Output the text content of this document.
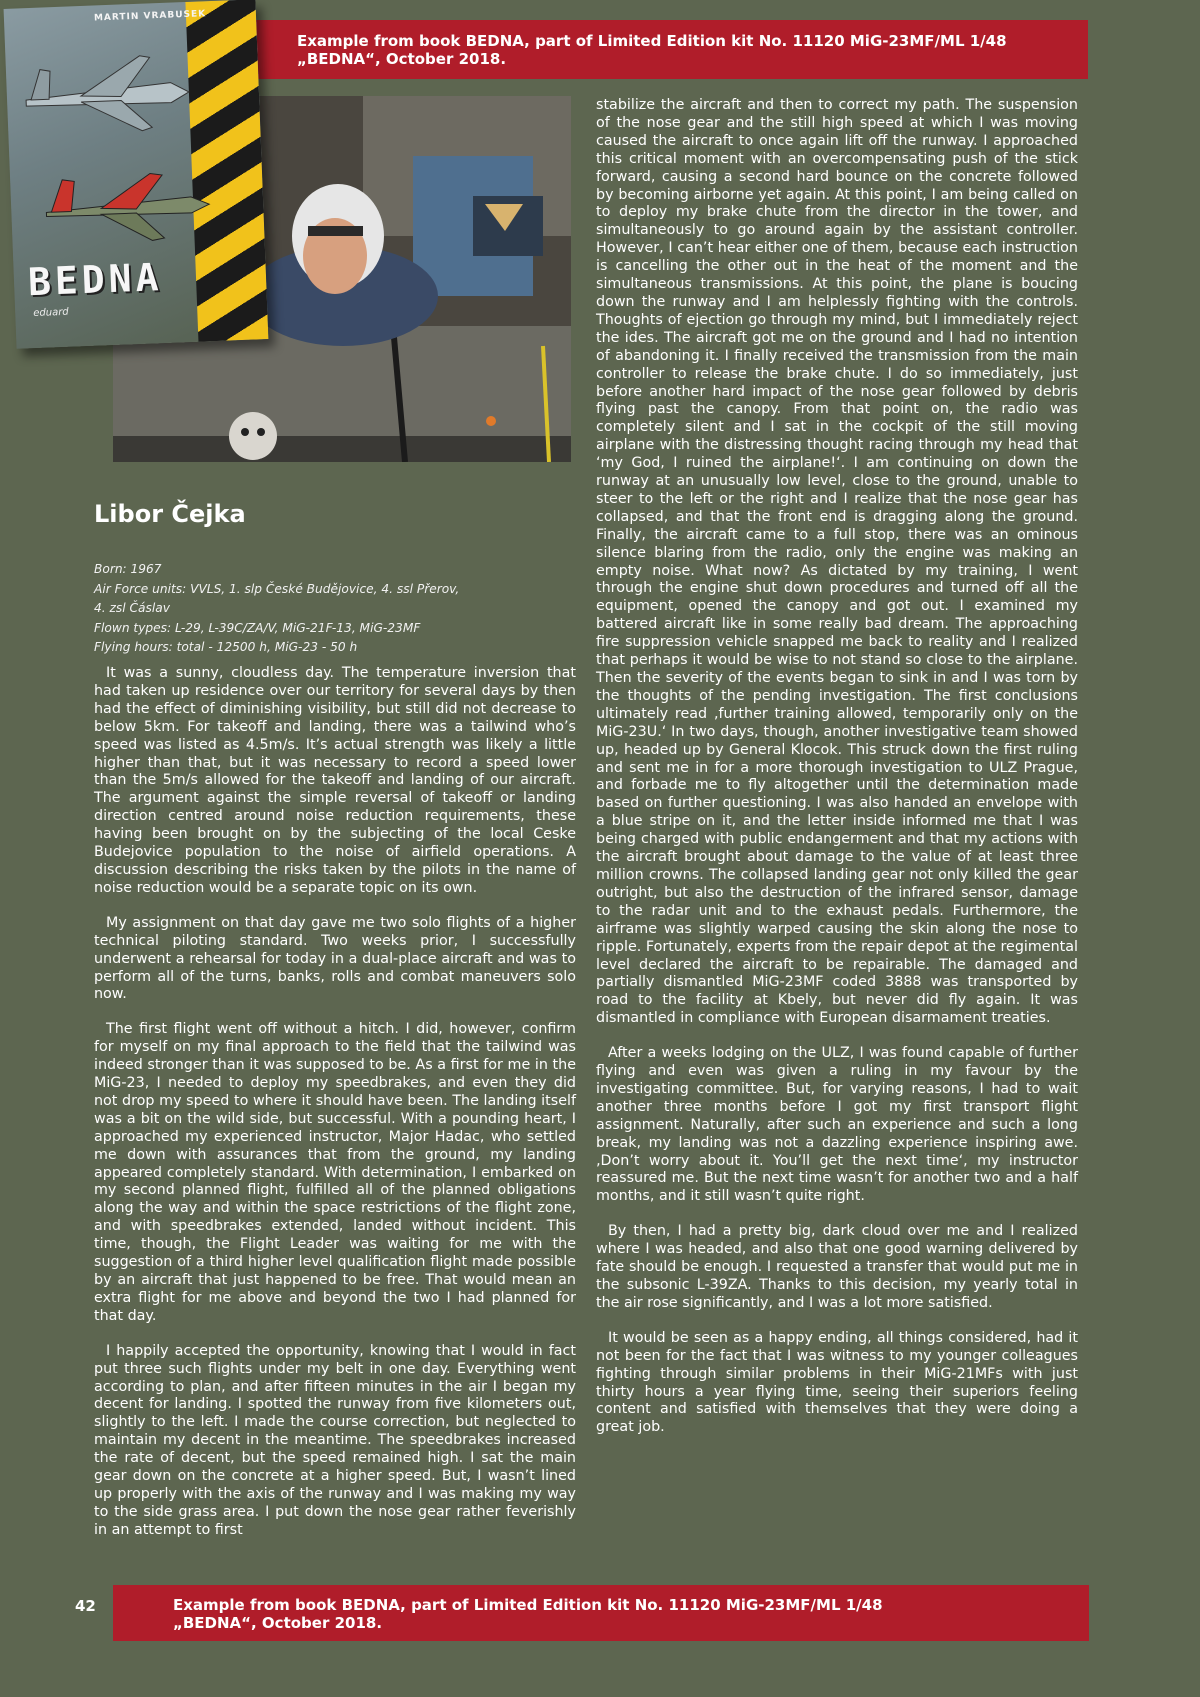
Example from book BEDNA, part of Limited Edition kit No. 11120 MiG-23MF/ML 1/48
„BEDNA“, October 2018.
MARTIN VRABUSEK
BEDNA
eduard
Libor Čejka
Born: 1967
Air Force units: VVLS, 1. slp České Budějovice, 4. ssl Přerov,
4. zsl Čáslav
Flown types: L-29, L-39C/ZA/V, MiG-21F-13, MiG-23MF
Flying hours: total - 12500 h, MiG-23 - 50 h

It was a sunny, cloudless day. The temperature inversion that had taken up residence over our territory for several days by then had the effect of diminishing visibility, but still did not decrease to below 5km. For takeoff and landing, there was a tailwind who’s speed was listed as 4.5m/s. It’s actual strength was likely a little higher than that, but it was necessary to record a speed lower than the 5m/s allowed for the takeoff and landing of our aircraft. The argument against the simple reversal of takeoff or landing direction centred around noise reduction requirements, these having been brought on by the subjecting of the local Ceske Budejovice population to the noise of airfield operations. A discussion describing the risks taken by the pilots in the name of noise reduction would be a separate topic on its own.

My assignment on that day gave me two solo flights of a higher technical piloting standard. Two weeks prior, I successfully underwent a rehearsal for today in a dual-place aircraft and was to perform all of the turns, banks, rolls and combat maneuvers solo now.

The first flight went off without a hitch. I did, however, confirm for myself on my final approach to the field that the tailwind was indeed stronger than it was supposed to be. As a first for me in the MiG-23, I needed to deploy my speedbrakes, and even they did not drop my speed to where it should have been. The landing itself was a bit on the wild side, but successful. With a pounding heart, I approached my experienced instructor, Major Hadac, who settled me down with assurances that from the ground, my landing appeared completely standard. With determination, I embarked on my second planned flight, fulfilled all of the planned obligations along the way and within the space restrictions of the flight zone, and with speedbrakes extended, landed without incident. This time, though, the Flight Leader was waiting for me with the suggestion of a third higher level qualification flight made possible by an aircraft that just happened to be free. That would mean an extra flight for me above and beyond the two I had planned for that day.

I happily accepted the opportunity, knowing that I would in fact put three such flights under my belt in one day. Everything went according to plan, and after fifteen minutes in the air I began my decent for landing. I spotted the runway from five kilometers out, slightly to the left. I made the course correction, but neglected to maintain my decent in the meantime. The speedbrakes increased the rate of decent, but the speed remained high. I sat the main gear down on the concrete at a higher speed. But, I wasn’t lined up properly with the axis of the runway and I was making my way to the side grass area. I put down the nose gear rather feverishly in an attempt to first

stabilize the aircraft and then to correct my path. The suspension of the nose gear and the still high speed at which I was moving caused the aircraft to once again lift off the runway. I approached this critical moment with an overcompensating push of the stick forward, causing a second hard bounce on the concrete followed by becoming airborne yet again. At this point, I am being called on to deploy my brake chute from the director in the tower, and simultaneously to go around again by the assistant controller. However, I can’t hear either one of them, because each instruction is cancelling the other out in the heat of the moment and the simultaneous transmissions. At this point, the plane is boucing down the runway and I am helplessly fighting with the controls. Thoughts of ejection go through my mind, but I immediately reject the ides. The aircraft got me on the ground and I had no intention of abandoning it. I finally received the transmission from the main controller to release the brake chute. I do so immediately, just before another hard impact of the nose gear followed by debris flying past the canopy. From that point on, the radio was completely silent and I sat in the cockpit of the still moving airplane with the distressing thought racing through my head that ‘my God, I ruined the airplane!‘. I am continuing on down the runway at an unusually low level, close to the ground, unable to steer to the left or the right and I realize that the nose gear has collapsed, and that the front end is dragging along the ground. Finally, the aircraft came to a full stop, there was an ominous silence blaring from the radio, only the engine was making an empty noise. What now? As dictated by my training, I went through the engine shut down procedures and turned off all the equipment, opened the canopy and got out. I examined my battered aircraft like in some really bad dream. The approaching fire suppression vehicle snapped me back to reality and I realized that perhaps it would be wise to not stand so close to the airplane. Then the severity of the events began to sink in and I was torn by the thoughts of the pending investigation. The first conclusions ultimately read ‚further training allowed, temporarily only on the MiG-23U.‘ In two days, though, another investigative team showed up, headed up by General Klocok. This struck down the first ruling and sent me in for a more thorough investigation to ULZ Prague, and forbade me to fly altogether until the determination made based on further questioning. I was also handed an envelope with a blue stripe on it, and the letter inside informed me that I was being charged with public endangerment and that my actions with the aircraft brought about damage to the value of at least three million crowns. The collapsed landing gear not only killed the gear outright, but also the destruction of the infrared sensor, damage to the radar unit and to the exhaust pedals. Furthermore, the airframe was slightly warped causing the skin along the nose to ripple. Fortunately, experts from the repair depot at the regimental level declared the aircraft to be repairable. The damaged and partially dismantled MiG-23MF coded 3888 was transported by road to the facility at Kbely, but never did fly again. It was dismantled in compliance with European disarmament treaties.

After a weeks lodging on the ULZ, I was found capable of further flying and even was given a ruling in my favour by the investigating committee. But, for varying reasons, I had to wait another three months before I got my first transport flight assignment. Naturally, after such an experience and such a long break, my landing was not a dazzling experience inspiring awe. ‚Don’t worry about it. You’ll get the next time‘, my instructor reassured me. But the next time wasn’t for another two and a half months, and it still wasn’t quite right.

By then, I had a pretty big, dark cloud over me and I realized where I was headed, and also that one good warning delivered by fate should be enough. I requested a transfer that would put me in the subsonic L-39ZA. Thanks to this decision, my yearly total in the air rose significantly, and I was a lot more satisfied.

It would be seen as a happy ending, all things considered, had it not been for the fact that I was witness to my younger colleagues fighting through similar problems in their MiG-21MFs with just thirty hours a year flying time, seeing their superiors feeling content and satisfied with themselves that they were doing a great job.

42	Example from book BEDNA, part of Limited Edition kit No. 11120 MiG-23MF/ML 1/48
„BEDNA“, October 2018.
